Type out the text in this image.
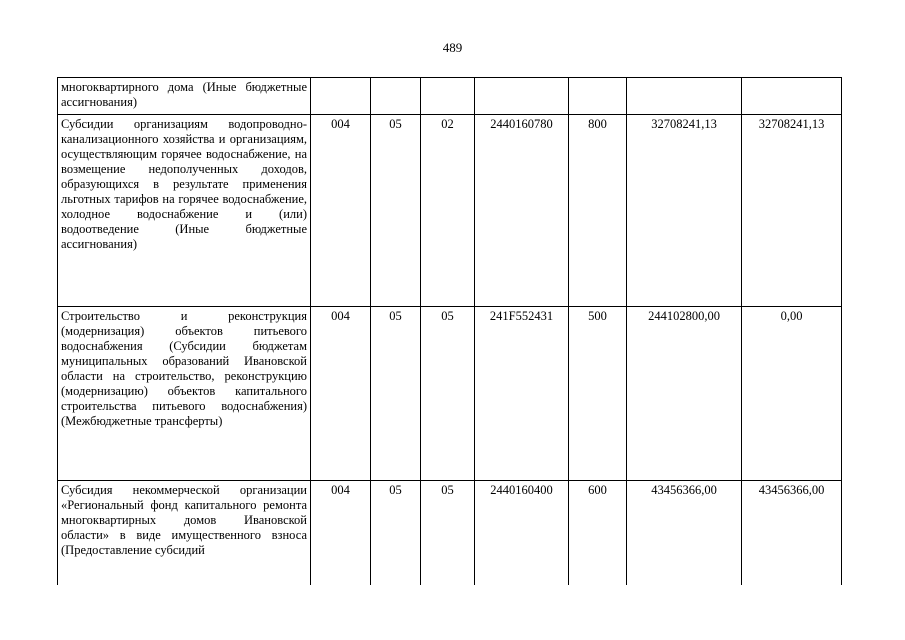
489
многоквартирного дома (Иные бюджетные ассигнования)							
Субсидии организациям водопроводно-канализационного хозяйства и организациям, осуществляющим горячее водоснабжение, на возмещение недополученных доходов, образующихся в результате применения льготных тарифов на горячее водоснабжение, холодное водоснабжение и (или) водоотведение (Иные бюджетные ассигнования)	004	05	02	2440160780	800	32708241,13	32708241,13
Строительство и реконструкция (модернизация) объектов питьевого водоснабжения (Субсидии бюджетам муниципальных образований Ивановской области на строительство, реконструкцию (модернизацию) объектов капитального строительства питьевого водоснабжения) (Межбюджетные трансферты)	004	05	05	241F552431	500	244102800,00	0,00
Субсидия некоммерческой организации «Региональный фонд капитального ремонта многоквартирных домов Ивановской области» в виде имущественного взноса (Предоставление субсидий	004	05	05	2440160400	600	43456366,00	43456366,00
